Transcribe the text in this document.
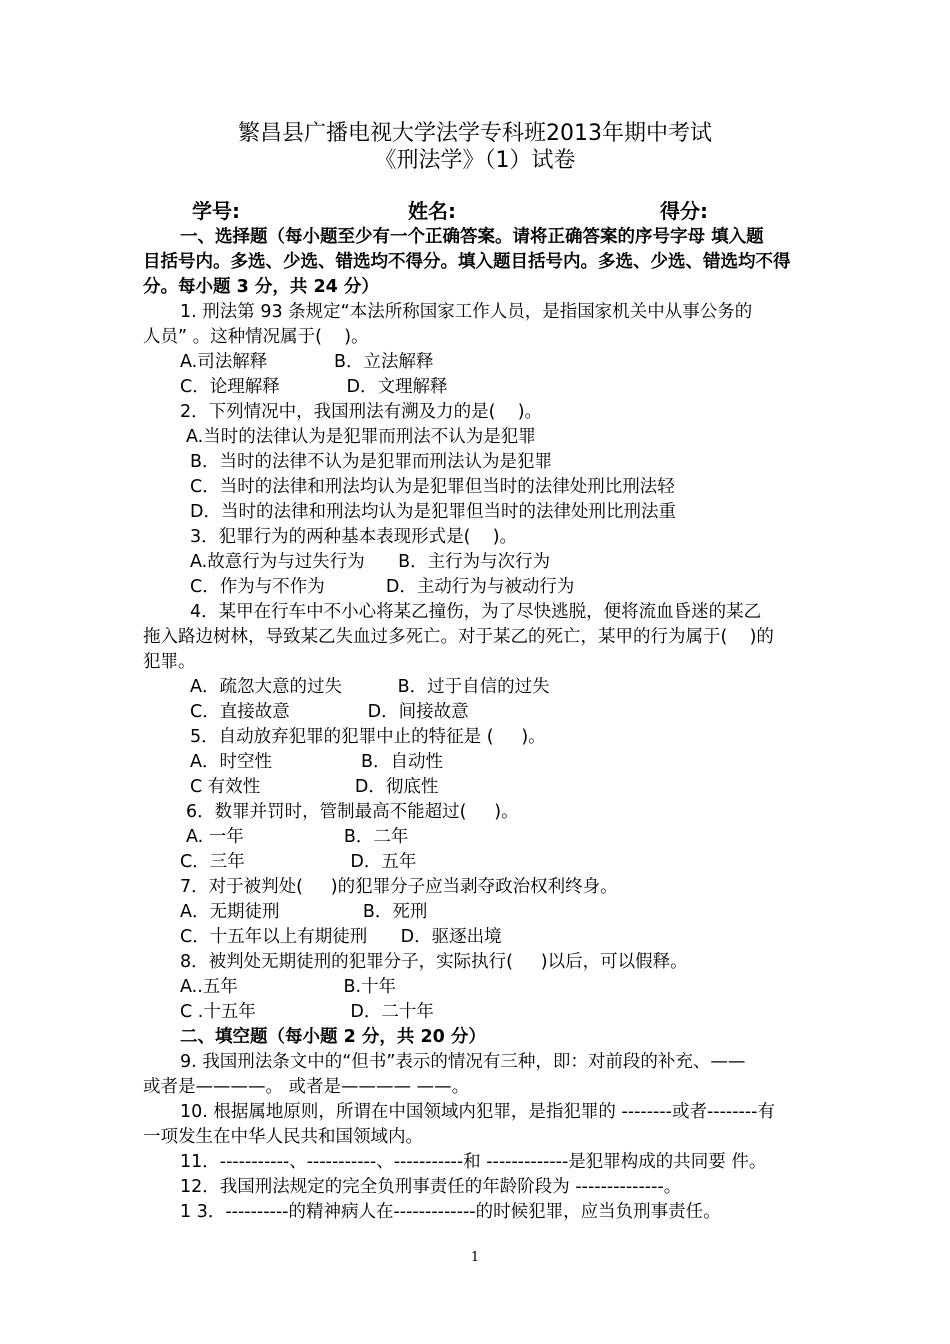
繁昌县广播电视大学法学专科班2013年期中考试
《刑法学》（1）试卷
学号:	姓名:	得分:
一、选择题（每小题至少有一个正确答案。请将正确答案的序号字母 填入题
目括号内。多选、少选、错选均不得分。填入题目括号内。多选、少选、错选均不得
分。每小题 3 分，共 24 分）
1. 刑法第 93 条规定“本法所称国家工作人员，是指国家机关中从事公务的
人员” 。这种情况属于(    )。
A.司法解释            B．立法解释
C．论理解释            D．文理解释
2．下列情况中，我国刑法有溯及力的是(    )。
A.当时的法律认为是犯罪而刑法不认为是犯罪
B．当时的法律不认为是犯罪而刑法认为是犯罪
C．当时的法律和刑法均认为是犯罪但当时的法律处刑比刑法轻
D．当时的法律和刑法均认为是犯罪但当时的法律处刑比刑法重
3．犯罪行为的两种基本表现形式是(    )。
A.故意行为与过失行为      B．主行为与次行为
C．作为与不作为           D．主动行为与被动行为
4．某甲在行车中不小心将某乙撞伤，为了尽快逃脱，便将流血昏迷的某乙
拖入路边树林，导致某乙失血过多死亡。对于某乙的死亡，某甲的行为属于(    )的
犯罪。
A．疏忽大意的过失          B．过于自信的过失
C．直接故意              D．间接故意
5．自动放弃犯罪的犯罪中止的特征是 (     )。
A．时空性                B．自动性
C 有效性                 D．彻底性
6．数罪并罚时，管制最高不能超过(     )。
A. 一年                  B．二年
C．三年                   D．五年
7．对于被判处(     )的犯罪分子应当剥夺政治权利终身。
A．无期徒刑               B．死刑
C．十五年以上有期徒刑      D．驱逐出境
8．被判处无期徒刑的犯罪分子，实际执行(     )以后，可以假释。
A..五年                   B.十年
C .十五年                 D．二十年
二、填空题（每小题 2 分，共 20 分）
9. 我国刑法条文中的“但书”表示的情况有三种，即：对前段的补充、——
或者是————。 或者是———— ——。
10. 根据属地原则，所谓在中国领域内犯罪，是指犯罪的 --------或者--------有
一项发生在中华人民共和国领域内。
11．-----------、-----------、-----------和 -------------是犯罪构成的共同要 件。
12．我国刑法规定的完全负刑事责任的年龄阶段为 --------------。
1 3．----------的精神病人在-------------的时候犯罪，应当负刑事责任。
1
